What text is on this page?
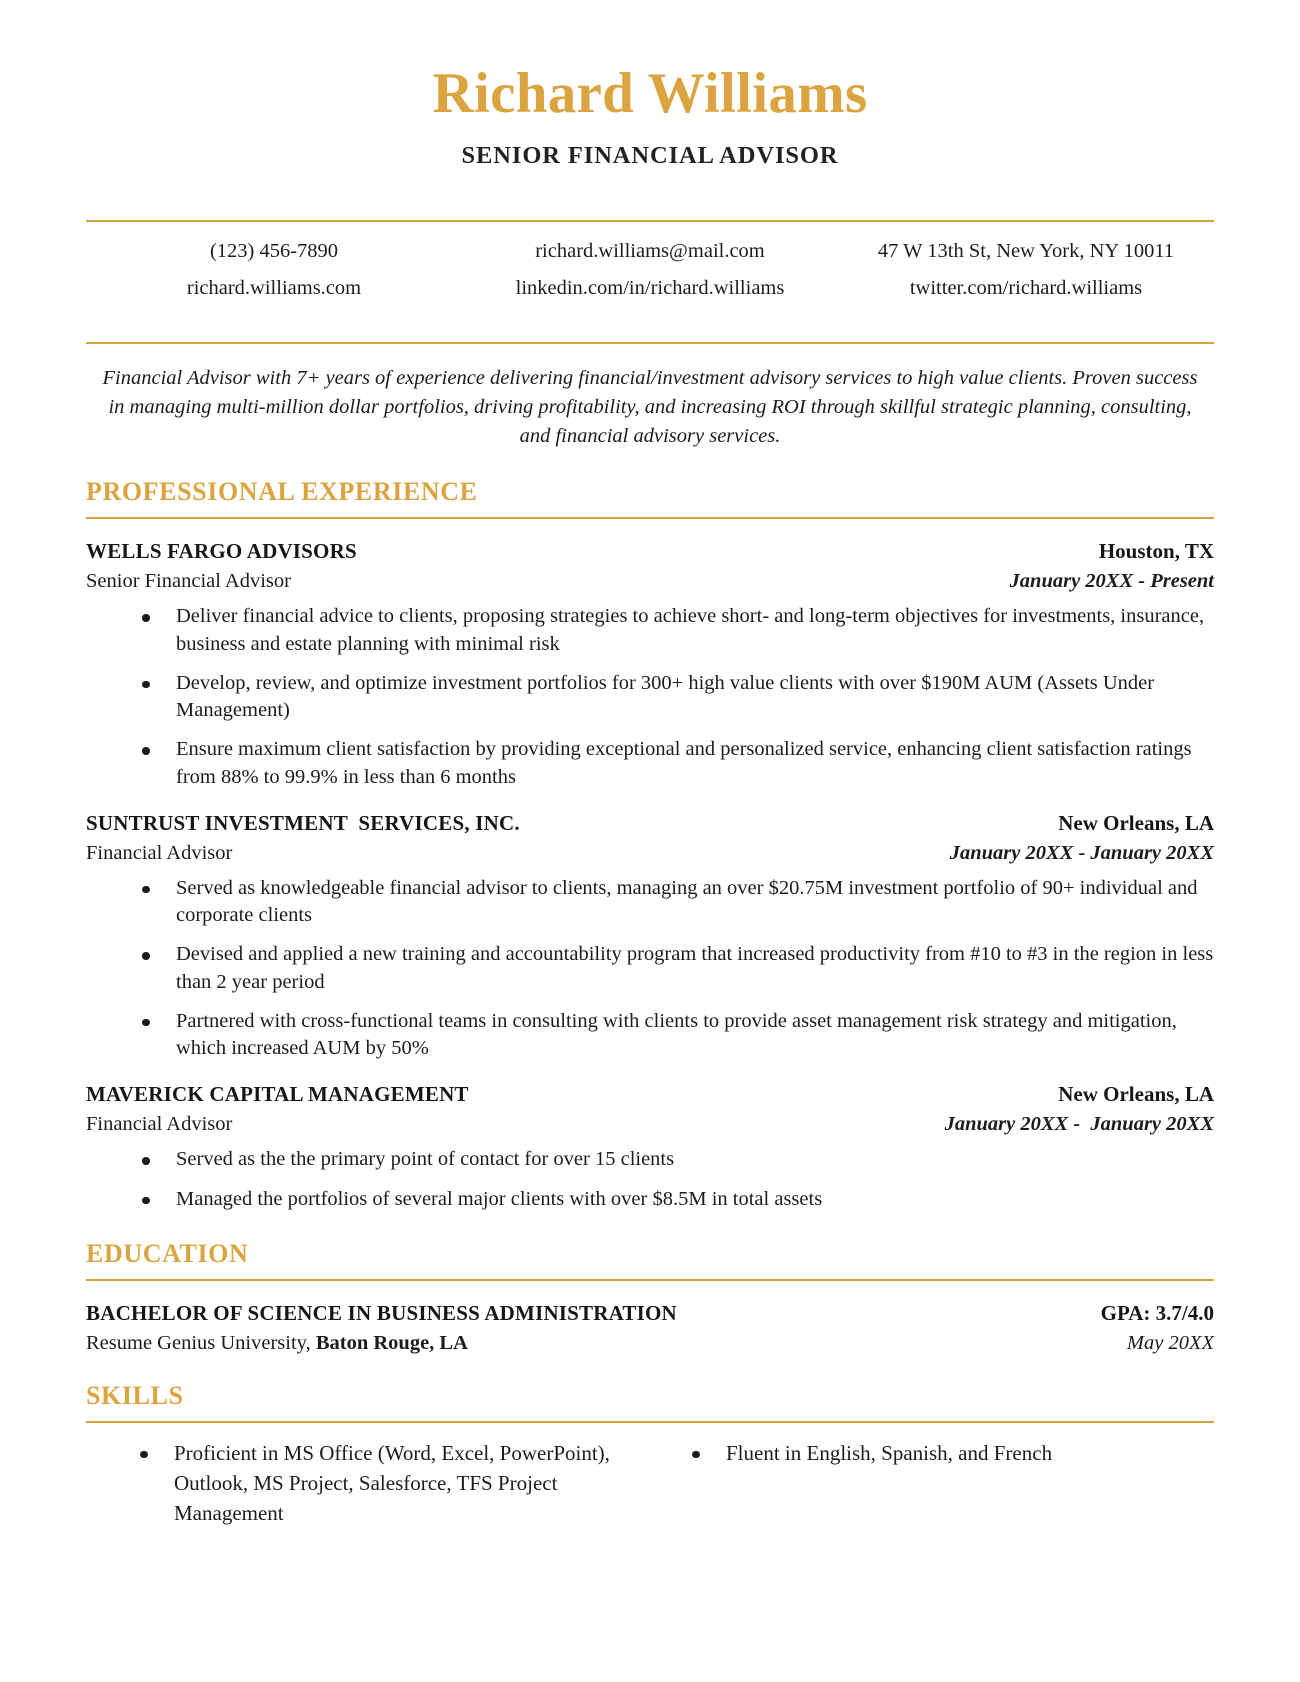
Richard Williams
SENIOR FINANCIAL ADVISOR
(123) 456-7890	richard.williams@mail.com	47 W 13th St, New York, NY 10011
richard.williams.com	linkedin.com/in/richard.williams	twitter.com/richard.williams
Financial Advisor with 7+ years of experience delivering financial/investment advisory services to high value clients. Proven success in managing multi-million dollar portfolios, driving profitability, and increasing ROI through skillful strategic planning, consulting, and financial advisory services.
PROFESSIONAL EXPERIENCE
WELLS FARGO ADVISORS	Houston, TX
Senior Financial Advisor	January 20XX - Present
Deliver financial advice to clients, proposing strategies to achieve short- and long-term objectives for investments, insurance, business and estate planning with minimal risk
Develop, review, and optimize investment portfolios for 300+ high value clients with over $190M AUM (Assets Under Management)
Ensure maximum client satisfaction by providing exceptional and personalized service, enhancing client satisfaction ratings from 88% to 99.9% in less than 6 months
SUNTRUST INVESTMENT  SERVICES, INC.	New Orleans, LA
Financial Advisor	January 20XX - January 20XX
Served as knowledgeable financial advisor to clients, managing an over $20.75M investment portfolio of 90+ individual and corporate clients
Devised and applied a new training and accountability program that increased productivity from #10 to #3 in the region in less than 2 year period
Partnered with cross-functional teams in consulting with clients to provide asset management risk strategy and mitigation, which increased AUM by 50%
MAVERICK CAPITAL MANAGEMENT	New Orleans, LA
Financial Advisor	January 20XX -  January 20XX
Served as the the primary point of contact for over 15 clients
Managed the portfolios of several major clients with over $8.5M in total assets
EDUCATION
BACHELOR OF SCIENCE IN BUSINESS ADMINISTRATION	GPA: 3.7/4.0
Resume Genius University, Baton Rouge, LA	May 20XX
SKILLS
Proficient in MS Office (Word, Excel, PowerPoint), Outlook, MS Project, Salesforce, TFS Project Management
Fluent in English, Spanish, and French
